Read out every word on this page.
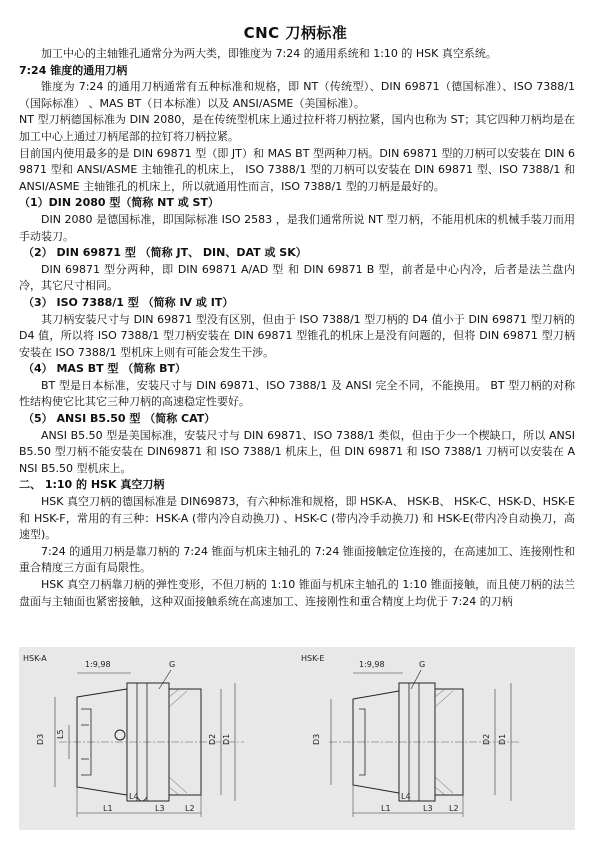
CNC 刀柄标准

加工中心的主轴锥孔通常分为两大类，即锥度为 7:24 的通用系统和 1:10 的 HSK 真空系统。

7:24 锥度的通用刀柄

锥度为 7:24 的通用刀柄通常有五种标准和规格，即 NT（传统型）、DIN 69871（德国标准）、ISO 7388/1 （国际标准） 、MAS BT（日本标准）以及 ANSI/ASME（美国标准）。

NT 型刀柄德国标准为 DIN 2080，是在传统型机床上通过拉杆将刀柄拉紧，国内也称为 ST；其它四种刀柄均是在加工中心上通过刀柄尾部的拉钉将刀柄拉紧。

目前国内使用最多的是 DIN 69871 型（即 JT）和 MAS BT 型两种刀柄。DIN 69871 型的刀柄可以安装在 DIN 69871 型和 ANSI/ASME 主轴锥孔的机床上， ISO 7388/1 型的刀柄可以安装在 DIN 69871 型、ISO 7388/1 和 ANSI/ASME 主轴锥孔的机床上，所以就通用性而言，ISO 7388/1 型的刀柄是最好的。

（1）DIN 2080 型（简称 NT 或 ST）

DIN 2080 是德国标准，即国际标准 ISO 2583 ，是我们通常所说 NT 型刀柄，不能用机床的机械手装刀而用手动装刀。

（2） DIN 69871 型 （简称 JT、 DIN、DAT 或 SK）

DIN 69871 型分两种，即 DIN 69871 A/AD 型 和 DIN 69871 B 型，前者是中心内冷，后者是法兰盘内冷，其它尺寸相同。

（3） ISO 7388/1 型 （简称 IV 或 IT）

其刀柄安装尺寸与 DIN 69871 型没有区别，但由于 ISO 7388/1 型刀柄的 D4 值小于 DIN 69871 型刀柄的 D4 值，所以将 ISO 7388/1 型刀柄安装在 DIN 69871 型锥孔的机床上是没有问题的，但将 DIN 69871 型刀柄安装在 ISO 7388/1 型机床上则有可能会发生干涉。

（4） MAS BT 型 （简称 BT）

BT 型是日本标准，安装尺寸与 DIN 69871、ISO 7388/1 及 ANSI 完全不同，不能换用。 BT 型刀柄的对称性结构使它比其它三种刀柄的高速稳定性要好。

（5） ANSI B5.50 型 （简称 CAT）

ANSI B5.50 型是美国标准，安装尺寸与 DIN 69871、ISO 7388/1 类似，但由于少一个楔缺口，所以 ANSI B5.50 型刀柄不能安装在 DIN69871 和 ISO 7388/1 机床上，但 DIN 69871 和 ISO 7388/1 刀柄可以安装在 ANSI B5.50 型机床上。

二、 1:10 的 HSK 真空刀柄

HSK 真空刀柄的德国标准是 DIN69873，有六种标准和规格，即 HSK-A、 HSK-B、 HSK-C、HSK-D、HSK-E 和 HSK-F，常用的有三种：HSK-A (带内冷自动换刀) 、HSK-C (带内冷手动换刀) 和 HSK-E(带内冷自动换刀，高速型)。

7:24 的通用刀柄是靠刀柄的 7:24 锥面与机床主轴孔的 7:24 锥面接触定位连接的，在高速加工、连接刚性和重合精度三方面有局限性。

HSK 真空刀柄靠刀柄的弹性变形，不但刀柄的 1:10 锥面与机床主轴孔的 1:10 锥面接触，而且使刀柄的法兰盘面与主轴面也紧密接触，这种双面接触系统在高速加工、连接刚性和重合精度上均优于 7:24 的刀柄

HSK-A
1:9,98	G
D3 L5	D2 D1
L1
L4
L3	L2
HSK-E
1:9,98	G
D3	D2 D1
L1
L4
L3 L2
